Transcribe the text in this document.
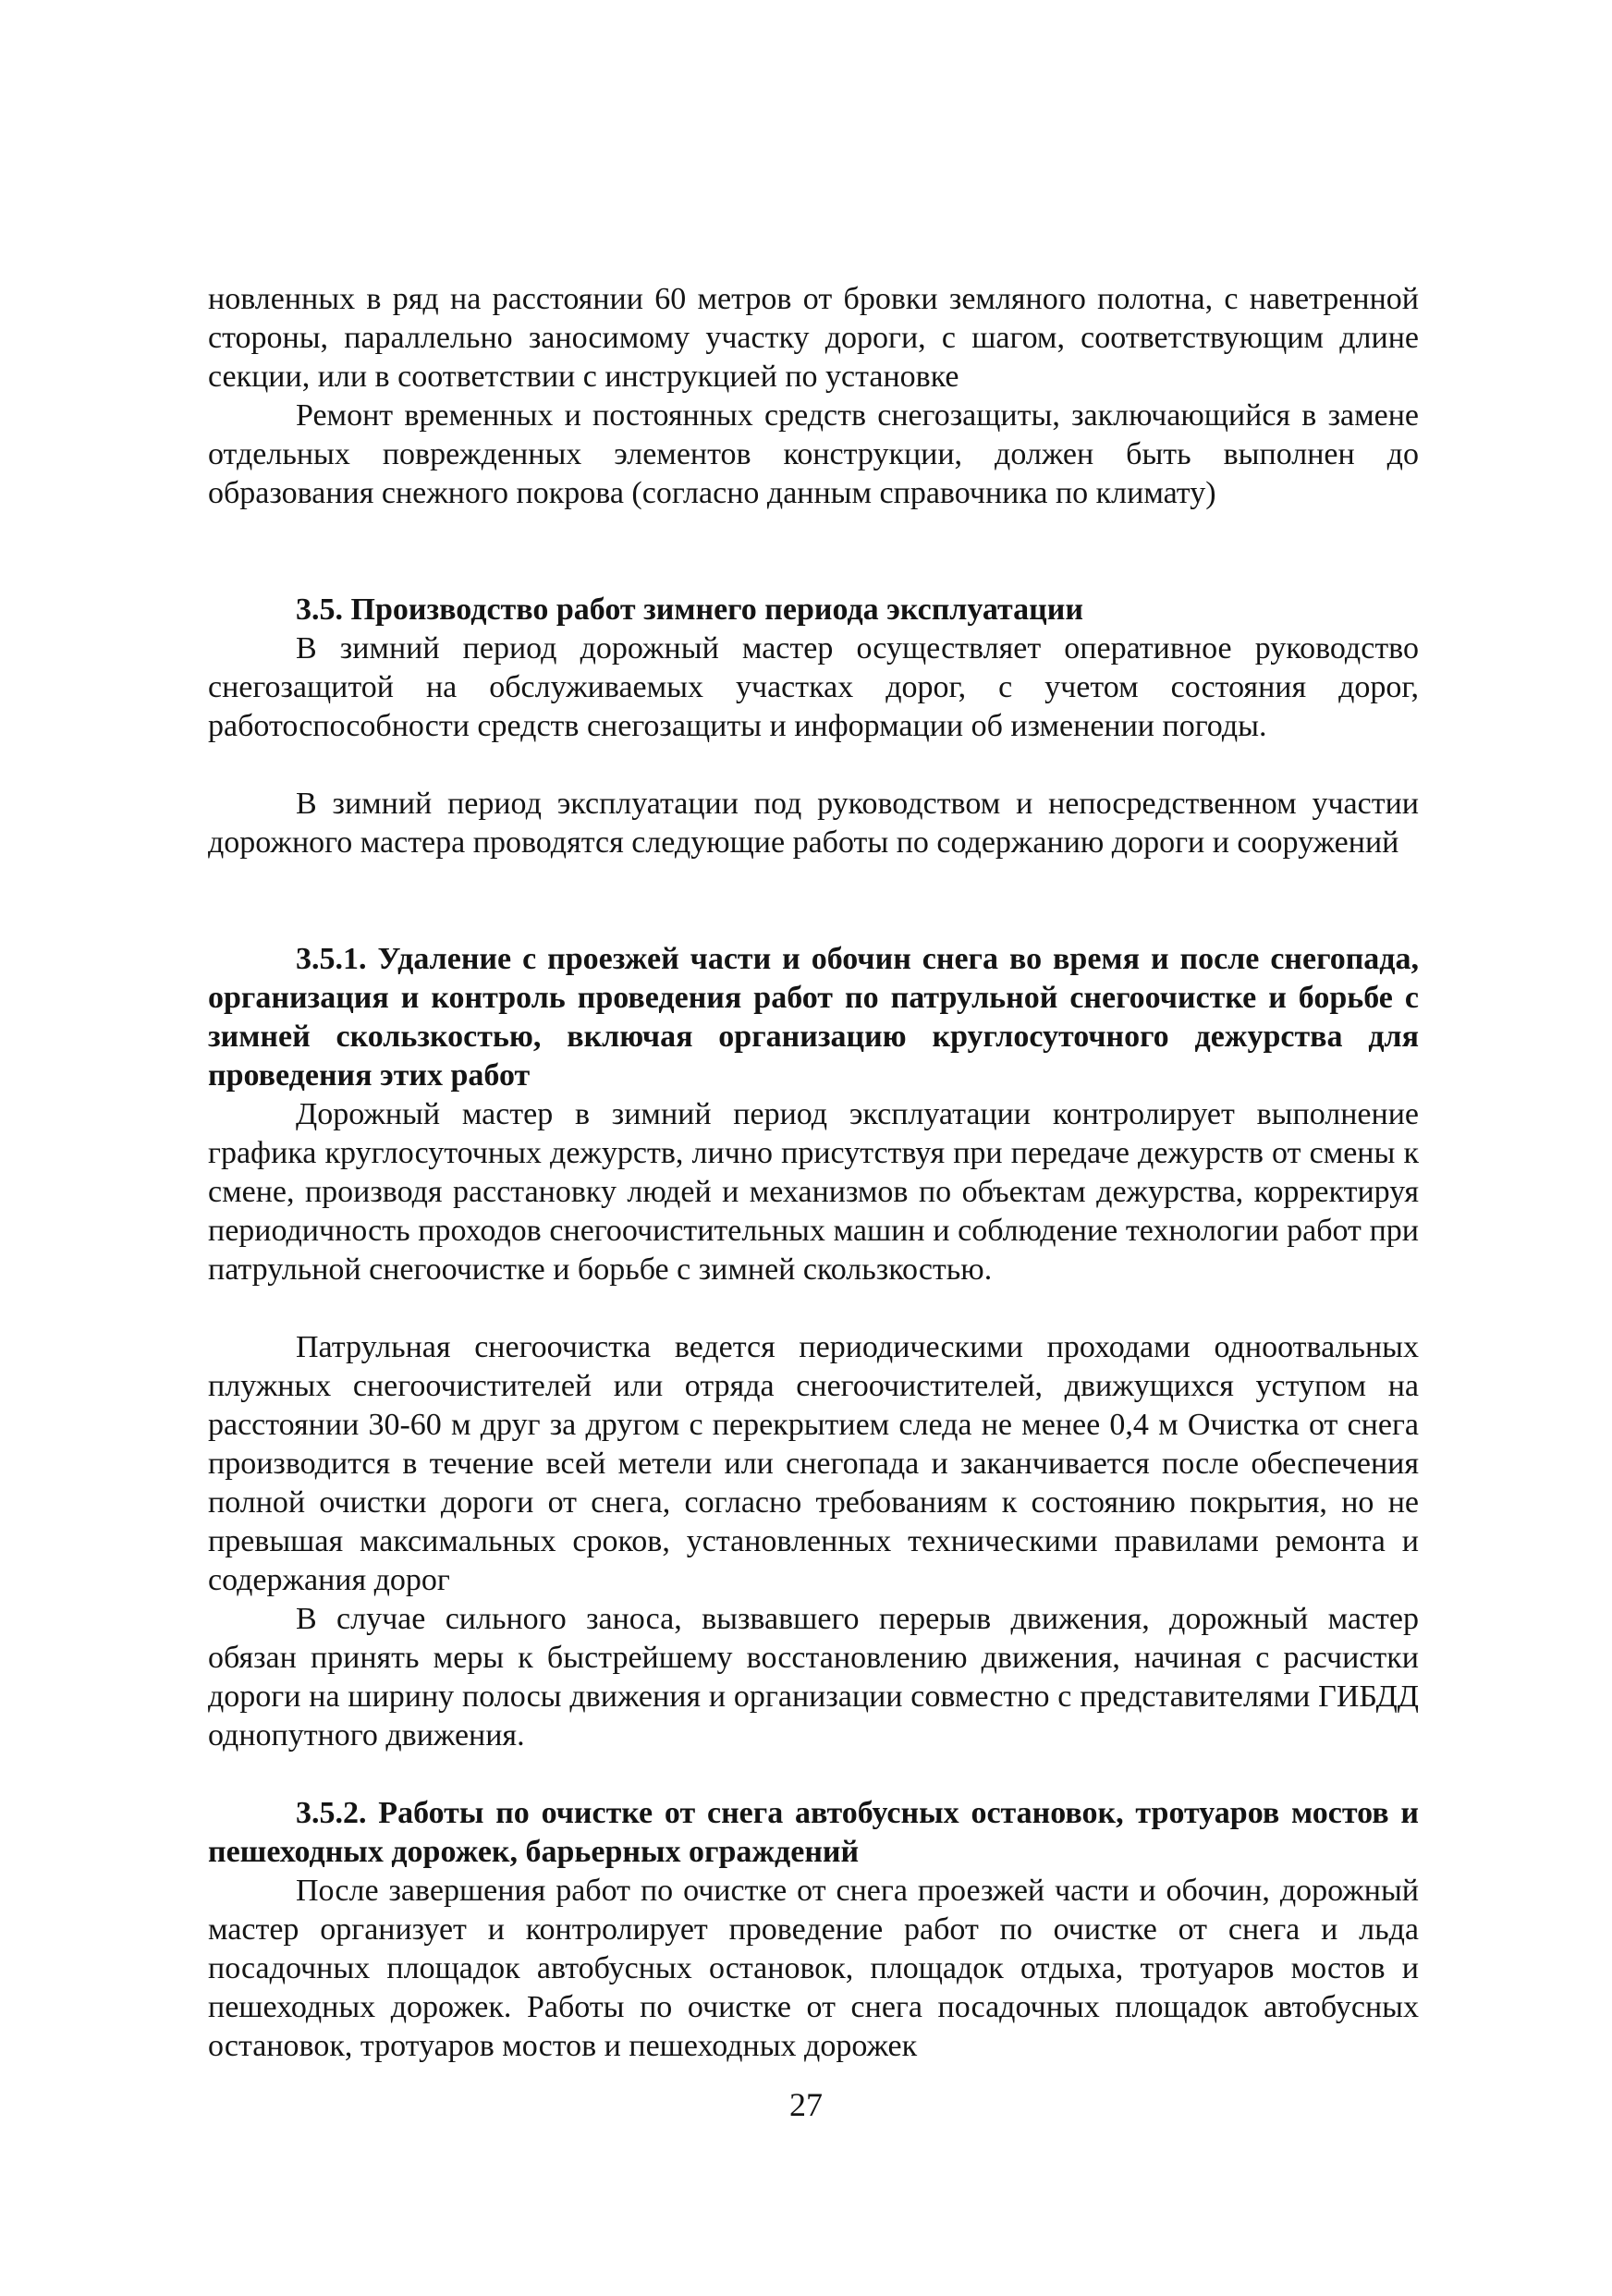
новленных в ряд на расстоянии 60 метров от бровки земляного полотна, с наветренной стороны, параллельно заносимому участку дороги, с шагом, соответствующим длине секции, или в соответствии с инструкцией по установке

Ремонт временных и постоянных средств снегозащиты, заключающийся в замене отдельных поврежденных элементов конструкции, должен быть выполнен до образования снежного покрова (согласно данным справочника по климату)

3.5. Производство работ зимнего периода эксплуатации

В зимний период дорожный мастер осуществляет оперативное руководство снегозащитой на обслуживаемых участках дорог, с учетом состояния дорог, работоспособности средств снегозащиты и информации об изменении погоды.

В зимний период эксплуатации под руководством и непосредственном участии дорожного мастера проводятся следующие работы по содержанию дороги и сооружений

3.5.1. Удаление с проезжей части и обочин снега во время и после снегопада, организация и контроль проведения работ по патрульной снегоочистке и борьбе с зимней скользкостью, включая организацию круглосуточного дежурства для проведения этих работ

Дорожный мастер в зимний период эксплуатации контролирует выполнение графика круглосуточных дежурств, лично присутствуя при передаче дежурств от смены к смене, производя расстановку людей и механизмов по объектам дежурства, корректируя периодичность проходов снегоочистительных машин и соблюдение технологии работ при патрульной снегоочистке и борьбе с зимней скользкостью.

Патрульная снегоочистка ведется периодическими проходами одноотвальных плужных снегоочистителей или отряда снегоочистителей, движущихся уступом на расстоянии 30-60 м друг за другом с перекрытием следа не менее 0,4 м Очистка от снега производится в течение всей метели или снегопада и заканчивается после обеспечения полной очистки дороги от снега, согласно требованиям к состоянию покрытия, но не превышая максимальных сроков, установленных техническими правилами ремонта и содержания дорог

В случае сильного заноса, вызвавшего перерыв движения, дорожный мастер обязан принять меры к быстрейшему восстановлению движения, начиная с расчистки дороги на ширину полосы движения и организации совместно с представителями ГИБДД однопутного движения.

3.5.2. Работы по очистке от снега автобусных остановок, тротуаров мостов и пешеходных дорожек, барьерных ограждений

После завершения работ по очистке от снега проезжей части и обочин, дорожный мастер организует и контролирует проведение работ по очистке от снега и льда посадочных площадок автобусных остановок, площадок отдыха, тротуаров мостов и пешеходных дорожек. Работы по очистке от снега посадочных площадок автобусных остановок, тротуаров мостов и пешеходных дорожек

27
